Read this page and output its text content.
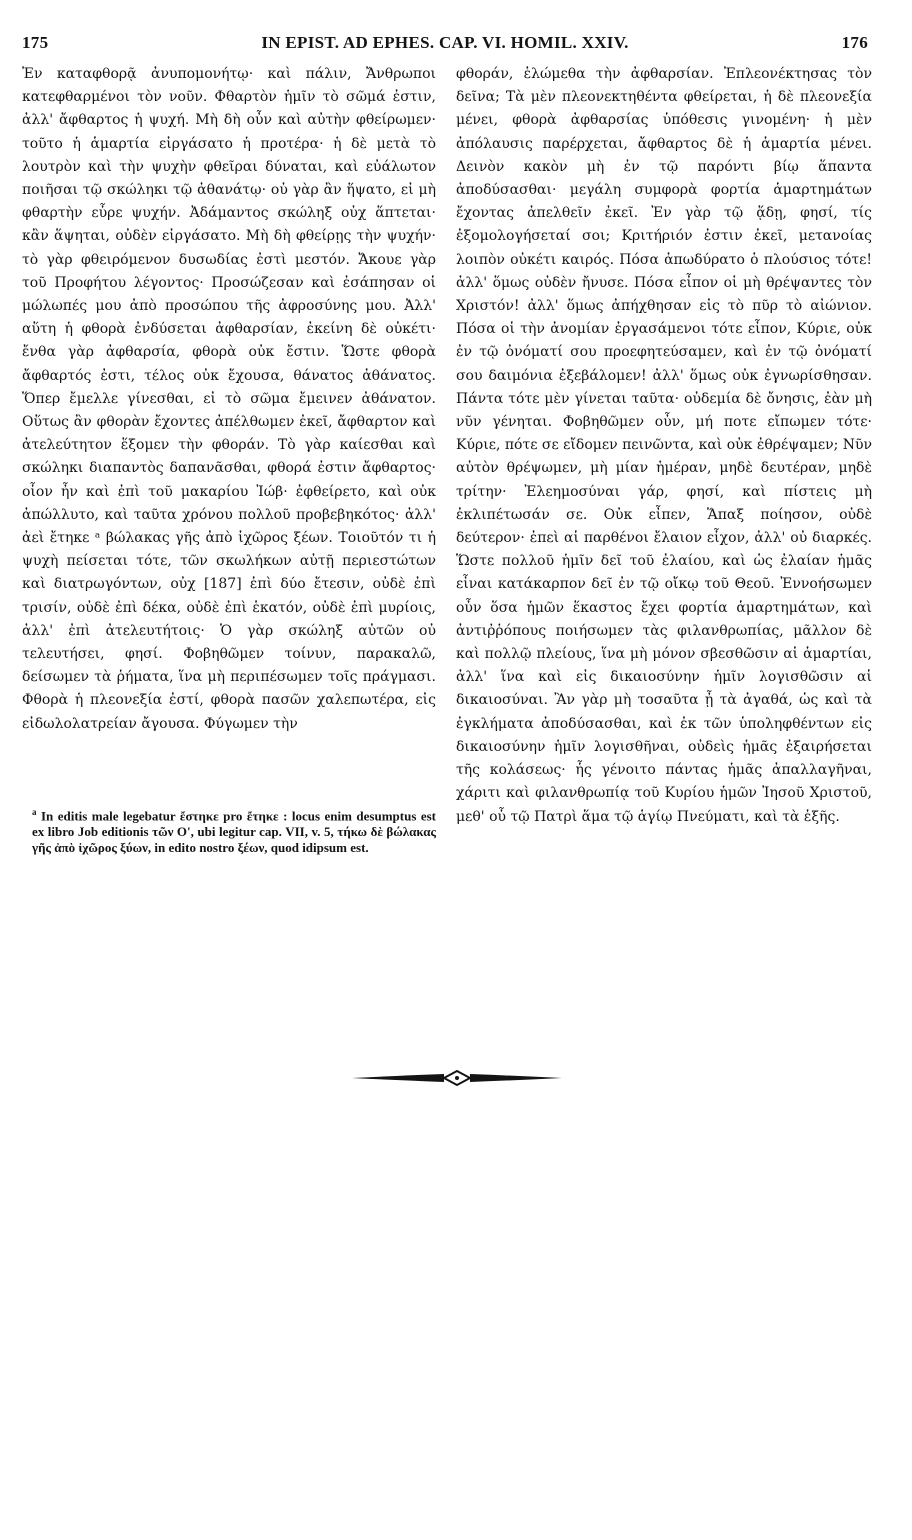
175	IN EPIST. AD EPHES. CAP. VI. HOMIL. XXIV.	176

Ἐν καταφθορᾷ ἀνυπομονήτῳ· καὶ πάλιν, Ἄνθρωποι κατεφθαρμένοι τὸν νοῦν. Φθαρτὸν ἡμῖν τὸ σῶμά ἐστιν, ἀλλ' ἄφθαρτος ἡ ψυχή. Μὴ δὴ οὖν καὶ αὐτὴν φθείρωμεν· τοῦτο ἡ ἁμαρτία εἰργάσατο ἡ προτέρα· ἡ δὲ μετὰ τὸ λουτρὸν καὶ τὴν ψυχὴν φθεῖραι δύναται, καὶ εὐάλωτον ποιῆσαι τῷ σκώληκι τῷ ἀθανάτῳ· οὐ γὰρ ἂν ἥψατο, εἰ μὴ φθαρτὴν εὗρε ψυχήν. Ἀδάμαντος σκώληξ οὐχ ἅπτεται· κἂν ἅψηται, οὐδὲν εἰργάσατο. Μὴ δὴ φθείρῃς τὴν ψυχήν· τὸ γὰρ φθειρόμενον δυσωδίας ἐστὶ μεστόν. Ἄκουε γὰρ τοῦ Προφήτου λέγοντος· Προσώζεσαν καὶ ἐσάπησαν οἱ μώλωπές μου ἀπὸ προσώπου τῆς ἀφροσύνης μου. Ἀλλ' αὕτη ἡ φθορὰ ἐνδύσεται ἀφθαρσίαν, ἐκείνη δὲ οὐκέτι· ἔνθα γὰρ ἀφθαρσία, φθορὰ οὐκ ἔστιν. Ὥστε φθορὰ ἄφθαρτός ἐστι, τέλος οὐκ ἔχουσα, θάνατος ἀθάνατος. Ὅπερ ἔμελλε γίνεσθαι, εἰ τὸ σῶμα ἔμεινεν ἀθάνατον. Οὕτως ἂν φθορὰν ἔχοντες ἀπέλθωμεν ἐκεῖ, ἄφθαρτον καὶ ἀτελεύτητον ἕξομεν τὴν φθοράν. Τὸ γὰρ καίεσθαι καὶ σκώληκι διαπαντὸς δαπανᾶσθαι, φθορά ἐστιν ἄφθαρτος· οἷον ἦν καὶ ἐπὶ τοῦ μακαρίου Ἰώβ· ἐφθείρετο, καὶ οὐκ ἀπώλλυτο, καὶ ταῦτα χρόνου πολλοῦ προβεβηκότος· ἀλλ' ἀεὶ ἔτηκε ᵃ βώλακας γῆς ἀπὸ ἰχῶρος ξέων. Τοιοῦτόν τι ἡ ψυχὴ πείσεται τότε, τῶν σκωλήκων αὐτῇ περιεστώτων καὶ διατρωγόντων, οὐχ [187] ἐπὶ δύο ἔτεσιν, οὐδὲ ἐπὶ τρισίν, οὐδὲ ἐπὶ δέκα, οὐδὲ ἐπὶ ἑκατόν, οὐδὲ ἐπὶ μυρίοις, ἀλλ' ἐπὶ ἀτελευτήτοις· Ὁ γὰρ σκώληξ αὐτῶν οὐ τελευτήσει, φησί. Φοβηθῶμεν τοίνυν, παρακαλῶ, δείσωμεν τὰ ῥήματα, ἵνα μὴ περιπέσωμεν τοῖς πράγμασι. Φθορὰ ἡ πλεονεξία ἐστί, φθορὰ πασῶν χαλεπωτέρα, εἰς εἰδωλολατρείαν ἄγουσα. Φύγωμεν τὴν

φθοράν, ἑλώμεθα τὴν ἀφθαρσίαν. Ἐπλεονέκτησας τὸν δεῖνα; Τὰ μὲν πλεονεκτηθέντα φθείρεται, ἡ δὲ πλεονεξία μένει, φθορὰ ἀφθαρσίας ὑπόθεσις γινομένη· ἡ μὲν ἀπόλαυσις παρέρχεται, ἄφθαρτος δὲ ἡ ἁμαρτία μένει. Δεινὸν κακὸν μὴ ἐν τῷ παρόντι βίῳ ἅπαντα ἀποδύσασθαι· μεγάλη συμφορὰ φορτία ἁμαρτημάτων ἔχοντας ἀπελθεῖν ἐκεῖ. Ἐν γὰρ τῷ ᾅδῃ, φησί, τίς ἐξομολογήσεταί σοι; Κριτήριόν ἐστιν ἐκεῖ, μετανοίας λοιπὸν οὐκέτι καιρός. Πόσα ἀπωδύρατο ὁ πλούσιος τότε! ἀλλ' ὅμως οὐδὲν ἤνυσε. Πόσα εἶπον οἱ μὴ θρέψαντες τὸν Χριστόν! ἀλλ' ὅμως ἀπήχθησαν εἰς τὸ πῦρ τὸ αἰώνιον. Πόσα οἱ τὴν ἀνομίαν ἐργασάμενοι τότε εἶπον, Κύριε, οὐκ ἐν τῷ ὀνόματί σου προεφητεύσαμεν, καὶ ἐν τῷ ὀνόματί σου δαιμόνια ἐξεβάλομεν! ἀλλ' ὅμως οὐκ ἐγνωρίσθησαν. Πάντα τότε μὲν γίνεται ταῦτα· οὐδεμία δὲ ὄνησις, ἐὰν μὴ νῦν γένηται. Φοβηθῶμεν οὖν, μή ποτε εἴπωμεν τότε· Κύριε, πότε σε εἴδομεν πεινῶντα, καὶ οὐκ ἐθρέψαμεν; Νῦν αὐτὸν θρέψωμεν, μὴ μίαν ἡμέραν, μηδὲ δευτέραν, μηδὲ τρίτην· Ἐλεημοσύναι γάρ, φησί, καὶ πίστεις μὴ ἐκλιπέτωσάν σε. Οὐκ εἶπεν, Ἅπαξ ποίησον, οὐδὲ δεύτερον· ἐπεὶ αἱ παρθένοι ἔλαιον εἶχον, ἀλλ' οὐ διαρκές. Ὥστε πολλοῦ ἡμῖν δεῖ τοῦ ἐλαίου, καὶ ὡς ἐλαίαν ἡμᾶς εἶναι κατάκαρπον δεῖ ἐν τῷ οἴκῳ τοῦ Θεοῦ. Ἐννοήσωμεν οὖν ὅσα ἡμῶν ἕκαστος ἔχει φορτία ἁμαρτημάτων, καὶ ἀντιῤῥόπους ποιήσωμεν τὰς φιλανθρωπίας, μᾶλλον δὲ καὶ πολλῷ πλείους, ἵνα μὴ μόνον σβεσθῶσιν αἱ ἁμαρτίαι, ἀλλ' ἵνα καὶ εἰς δικαιοσύνην ἡμῖν λογισθῶσιν αἱ δικαιοσύναι. Ἂν γὰρ μὴ τοσαῦτα ᾖ τὰ ἀγαθά, ὡς καὶ τὰ ἐγκλήματα ἀποδύσασθαι, καὶ ἐκ τῶν ὑποληφθέντων εἰς δικαιοσύνην ἡμῖν λογισθῆναι, οὐδεὶς ἡμᾶς ἐξαιρήσεται τῆς κολάσεως· ἧς γένοιτο πάντας ἡμᾶς ἀπαλλαγῆναι, χάριτι καὶ φιλανθρωπίᾳ τοῦ Κυρίου ἡμῶν Ἰησοῦ Χριστοῦ, μεθ' οὗ τῷ Πατρὶ ἅμα τῷ ἁγίῳ Πνεύματι, καὶ τὰ ἑξῆς.

$^a$ In editis male legebatur ἔστηκε pro ἔτηκε : locus enim desumptus est ex libro Job editionis τῶν O', ubi legitur cap. VII, v. 5, τήκω δὲ βώλακας γῆς ἀπὸ ἰχῶρος ξύων, in edito nostro ξέων, quod idipsum est.
